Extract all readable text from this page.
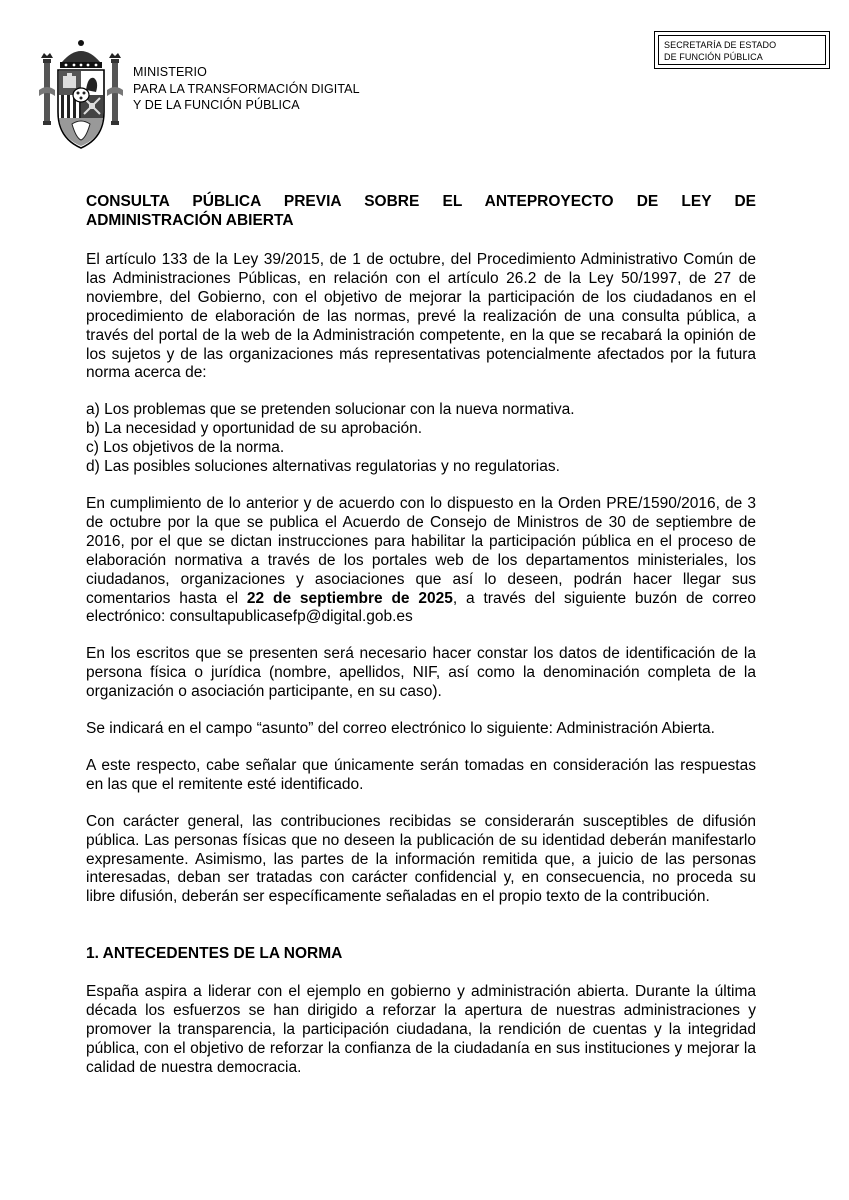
MINISTERIO
PARA LA TRANSFORMACIÓN DIGITAL
Y DE LA FUNCIÓN PÚBLICA
SECRETARÍA DE ESTADO
DE FUNCIÓN PÚBLICA
CONSULTA PÚBLICA PREVIA SOBRE EL ANTEPROYECTO DE LEY DE
ADMINISTRACIÓN ABIERTA

El artículo 133 de la Ley 39/2015, de 1 de octubre, del Procedimiento Administrativo Común de las Administraciones Públicas, en relación con el artículo 26.2 de la Ley 50/1997, de 27 de noviembre, del Gobierno, con el objetivo de mejorar la participación de los ciudadanos en el procedimiento de elaboración de las normas, prevé la realización de una consulta pública, a través del portal de la web de la Administración competente, en la que se recabará la opinión de los sujetos y de las organizaciones más representativas potencialmente afectados por la futura norma acerca de:

a) Los problemas que se pretenden solucionar con la nueva normativa.
b) La necesidad y oportunidad de su aprobación.
c) Los objetivos de la norma.
d) Las posibles soluciones alternativas regulatorias y no regulatorias.

En cumplimiento de lo anterior y de acuerdo con lo dispuesto en la Orden PRE/1590/2016, de 3 de octubre por la que se publica el Acuerdo de Consejo de Ministros de 30 de septiembre de 2016, por el que se dictan instrucciones para habilitar la participación pública en el proceso de elaboración normativa a través de los portales web de los departamentos ministeriales, los ciudadanos, organizaciones y asociaciones que así lo deseen, podrán hacer llegar sus comentarios hasta el 22 de septiembre de 2025, a través del siguiente buzón de correo electrónico: consultapublicasefp@digital.gob.es

En los escritos que se presenten será necesario hacer constar los datos de identificación de la persona física o jurídica (nombre, apellidos, NIF, así como la denominación completa de la organización o asociación participante, en su caso).

Se indicará en el campo “asunto” del correo electrónico lo siguiente: Administración Abierta.

A este respecto, cabe señalar que únicamente serán tomadas en consideración las respuestas en las que el remitente esté identificado.

Con carácter general, las contribuciones recibidas se considerarán susceptibles de difusión pública. Las personas físicas que no deseen la publicación de su identidad deberán manifestarlo expresamente. Asimismo, las partes de la información remitida que, a juicio de las personas interesadas, deban ser tratadas con carácter confidencial y, en consecuencia, no proceda su libre difusión, deberán ser específicamente señaladas en el propio texto de la contribución.

1. ANTECEDENTES DE LA NORMA

España aspira a liderar con el ejemplo en gobierno y administración abierta. Durante la última década los esfuerzos se han dirigido a reforzar la apertura de nuestras administraciones y promover la transparencia, la participación ciudadana, la rendición de cuentas y la integridad pública, con el objetivo de reforzar la confianza de la ciudadanía en sus instituciones y mejorar la calidad de nuestra democracia.
